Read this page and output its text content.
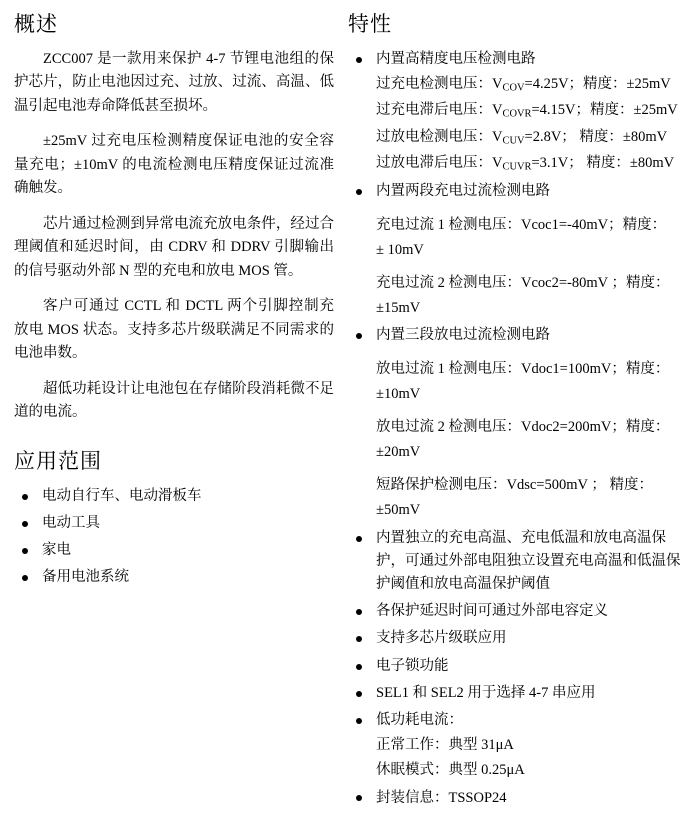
概述

ZCC007 是一款用来保护 4-7 节锂电池组的保护芯片，防止电池因过充、过放、过流、高温、低温引起电池寿命降低甚至损坏。

±25mV 过充电压检测精度保证电池的安全容量充电；±10mV 的电流检测电压精度保证过流准确触发。

芯片通过检测到异常电流充放电条件，经过合理阈值和延迟时间，由 CDRV 和 DDRV 引脚输出的信号驱动外部 N 型的充电和放电 MOS 管。

客户可通过 CCTL 和 DCTL 两个引脚控制充放电 MOS 状态。支持多芯片级联满足不同需求的电池串数。

超低功耗设计让电池包在存储阶段消耗微不足道的电流。

应用范围
电动自行车、电动滑板车
电动工具
家电
备用电池系统
特性
内置高精度电压检测电路
过充电检测电压：$V_{COV}=4.25V$；精度：±25mV
过充电滞后电压：$V_{COVR}=4.15V$；精度：±25mV
过放电检测电压：$V_{CUV}=2.8V$； 精度：±80mV
过放电滞后电压：$V_{CUVR}=3.1V$； 精度：±80mV
内置两段充电过流检测电路
充电过流 1 检测电压：Vcoc1=-40mV；精度：
± 10mV
充电过流 2 检测电压：Vcoc2=-80mV ；精度：
±15mV
内置三段放电过流检测电路
放电过流 1 检测电压：Vdoc1=100mV；精度：
±10mV
放电过流 2 检测电压：Vdoc2=200mV；精度：
±20mV
短路保护检测电压：Vdsc=500mV ； 精度：
±50mV
内置独立的充电高温、充电低温和放电高温保护，可通过外部电阻独立设置充电高温和低温保护阈值和放电高温保护阈值
各保护延迟时间可通过外部电容定义
支持多芯片级联应用
电子锁功能
SEL1 和 SEL2 用于选择 4-7 串应用
低功耗电流：
正常工作：典型 31μA
休眠模式：典型 0.25μA
封装信息：TSSOP24
